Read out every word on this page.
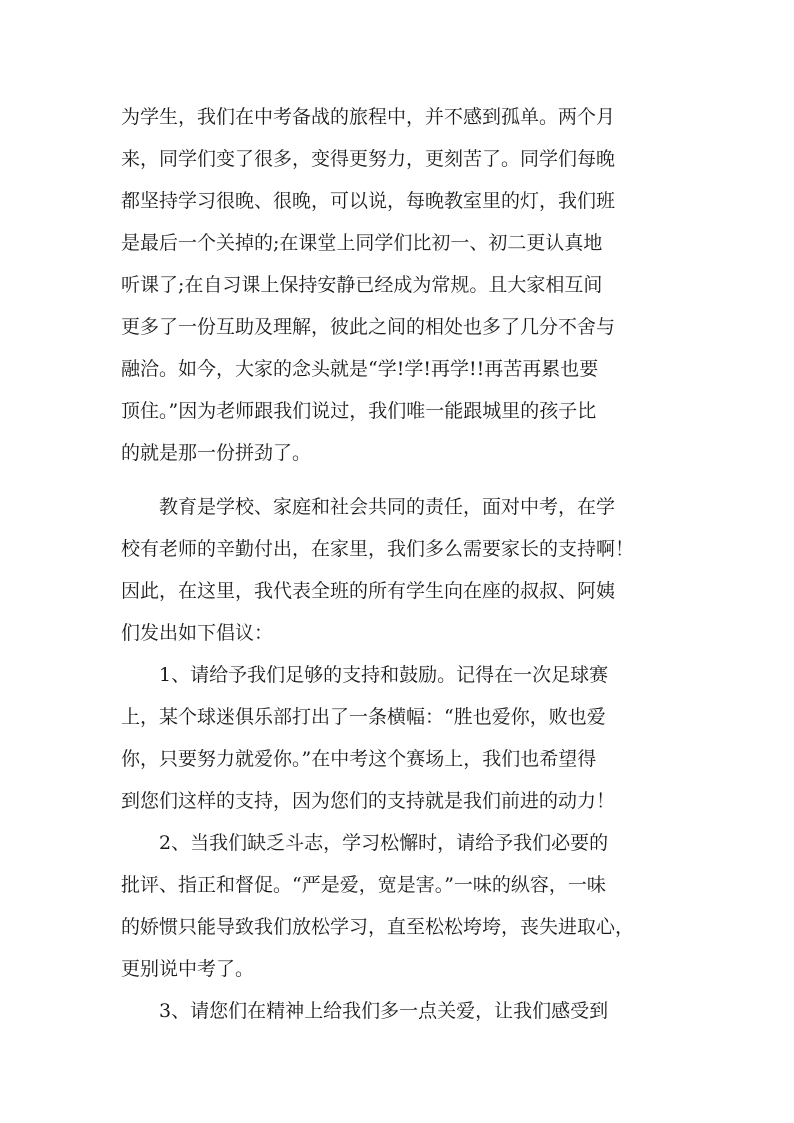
为学生，我们在中考备战的旅程中，并不感到孤单。两个月
来，同学们变了很多，变得更努力，更刻苦了。同学们每晚
都坚持学习很晚、很晚，可以说，每晚教室里的灯，我们班
是最后一个关掉的;在课堂上同学们比初一、初二更认真地
听课了;在自习课上保持安静已经成为常规。且大家相互间
更多了一份互助及理解，彼此之间的相处也多了几分不舍与
融洽。如今，大家的念头就是“学!学!再学!!再苦再累也要
顶住。”因为老师跟我们说过，我们唯一能跟城里的孩子比
的就是那一份拼劲了。
教育是学校、家庭和社会共同的责任，面对中考，在学
校有老师的辛勤付出，在家里，我们多么需要家长的支持啊！
因此，在这里，我代表全班的所有学生向在座的叔叔、阿姨
们发出如下倡议：
1、请给予我们足够的支持和鼓励。记得在一次足球赛
上，某个球迷俱乐部打出了一条横幅：“胜也爱你，败也爱
你，只要努力就爱你。”在中考这个赛场上，我们也希望得
到您们这样的支持，因为您们的支持就是我们前进的动力！
2、当我们缺乏斗志，学习松懈时，请给予我们必要的
批评、指正和督促。“严是爱，宽是害。”一味的纵容，一味
的娇惯只能导致我们放松学习，直至松松垮垮，丧失进取心，
更别说中考了。
3、请您们在精神上给我们多一点关爱，让我们感受到
